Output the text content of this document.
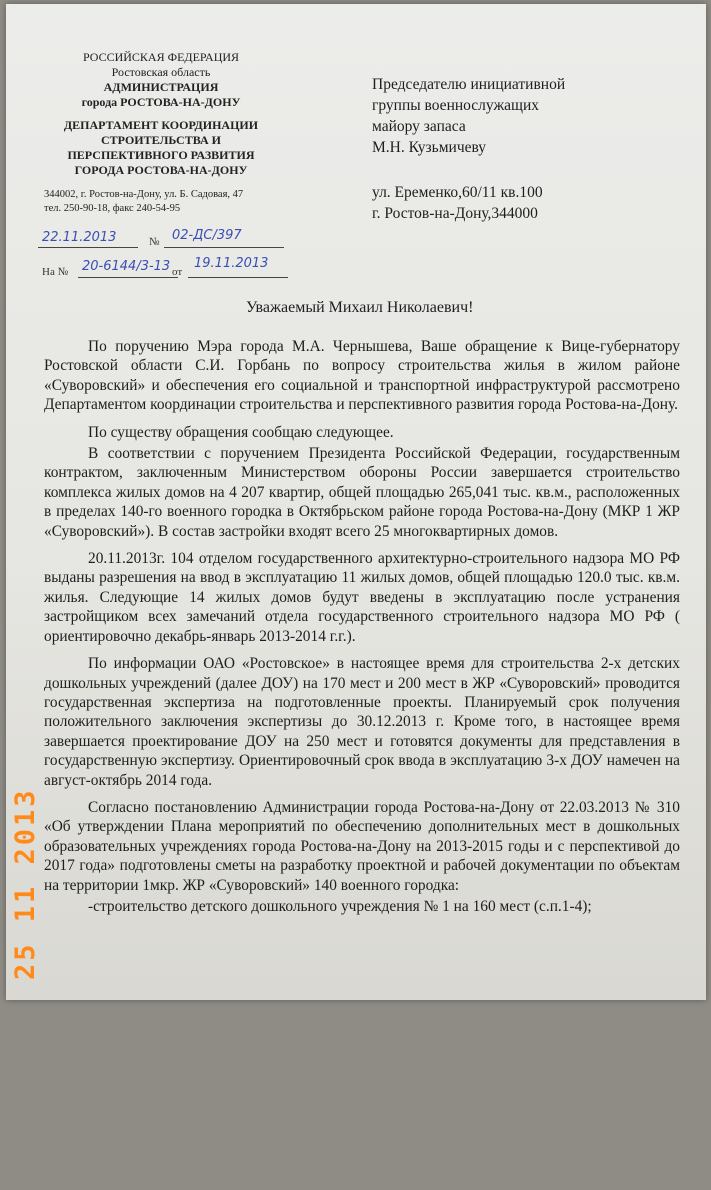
РОССИЙСКАЯ ФЕДЕРАЦИЯ
Ростовская область
АДМИНИСТРАЦИЯ
города РОСТОВА-НА-ДОНУ
ДЕПАРТАМЕНТ КООРДИНАЦИИ
СТРОИТЕЛЬСТВА И
ПЕРСПЕКТИВНОГО РАЗВИТИЯ
ГОРОДА РОСТОВА-НА-ДОНУ
344002, г. Ростов-на-Дону, ул. Б. Садовая, 47
тел. 250-90-18, факс 240-54-95
22.11.2013	№ 02-ДС/397
На № 20-6144/3-13 от
19.11.2013
Председателю инициативной
группы военнослужащих
майору запаса
М.Н. Кузьмичеву
ул. Еременко,60/11 кв.100
г. Ростов-на-Дону,344000
Уважаемый Михаил Николаевич!

По поручению Мэра города М.А. Чернышева, Ваше обращение к Вице-губернатору Ростовской области С.И. Горбань по вопросу строительства жилья в жилом районе «Суворовский» и обеспечения его социальной и транспортной инфраструктурой рассмотрено Департаментом координации строительства и перспективного развития города Ростова-на-Дону.

По существу обращения сообщаю следующее.

В соответствии с поручением Президента Российской Федерации, государственным контрактом, заключенным Министерством обороны России завершается строительство комплекса жилых домов на 4 207 квартир, общей площадью 265,041 тыс. кв.м., расположенных в пределах 140-го военного городка в Октябрьском районе города Ростова-на-Дону (МКР 1 ЖР «Суворовский»). В состав застройки входят всего 25 многоквартирных домов.

20.11.2013г. 104 отделом государственного архитектурно-строительного надзора МО РФ выданы разрешения на ввод в эксплуатацию 11 жилых домов, общей площадью 120.0 тыс. кв.м. жилья. Следующие 14 жилых домов будут введены в эксплуатацию после устранения застройщиком всех замечаний отдела государственного строительного надзора МО РФ ( ориентировочно декабрь-январь 2013-2014 г.г.).

По информации ОАО «Ростовское» в настоящее время для строительства 2-х детских дошкольных учреждений (далее ДОУ) на 170 мест и 200 мест в ЖР «Суворовский» проводится государственная экспертиза на подготовленные проекты. Планируемый срок получения положительного заключения экспертизы до 30.12.2013 г. Кроме того, в настоящее время завершается проектирование ДОУ на 250 мест и готовятся документы для представления в государственную экспертизу. Ориентировочный срок ввода в эксплуатацию 3-х ДОУ намечен на август-октябрь 2014 года.

Согласно постановлению Администрации города Ростова-на-Дону от 22.03.2013 № 310 «Об утверждении Плана мероприятий по обеспечению дополнительных мест в дошкольных образовательных учреждениях города Ростова-на-Дону на 2013-2015 годы и с перспективой до 2017 года» подготовлены сметы на разработку проектной и рабочей документации по объектам на территории 1мкр. ЖР «Суворовский» 140 военного городка:

-строительство детского дошкольного учреждения № 1 на 160 мест (с.п.1-4);

25 11 2013
